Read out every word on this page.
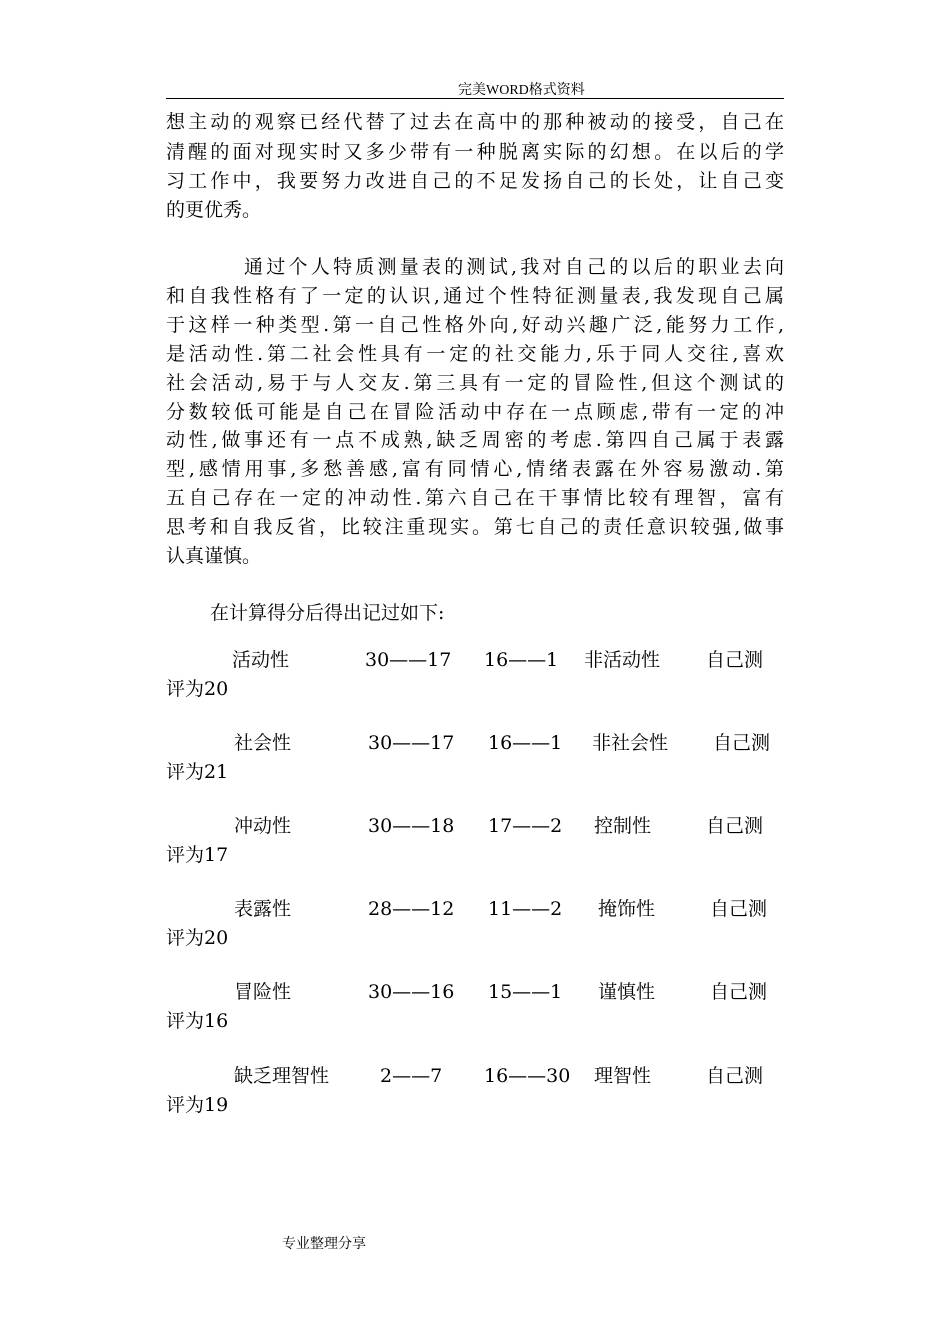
完美WORD格式资料
想主动的观察已经代替了过去在高中的那种被动的接受，自己在
清醒的面对现实时又多少带有一种脱离实际的幻想。在以后的学
习工作中，我要努力改进自己的不足发扬自己的长处，让自己变
的更优秀。
通过个人特质测量表的测试,我对自己的以后的职业去向
和自我性格有了一定的认识,通过个性特征测量表,我发现自己属
于这样一种类型.第一自己性格外向,好动兴趣广泛,能努力工作,
是活动性.第二社会性具有一定的社交能力,乐于同人交往,喜欢
社会活动,易于与人交友.第三具有一定的冒险性,但这个测试的
分数较低可能是自己在冒险活动中存在一点顾虑,带有一定的冲
动性,做事还有一点不成熟,缺乏周密的考虑.第四自己属于表露
型,感情用事,多愁善感,富有同情心,情绪表露在外容易激动.第
五自己存在一定的冲动性.第六自己在干事情比较有理智，富有
思考和自我反省，比较注重现实。第七自己的责任意识较强,做事
认真谨慎。
在计算得分后得出记过如下:
活动性	30——17 16——1 非活动性 自己测
评为20
社会性	30——17 16——1 非社会性 自己测
评为21
冲动性	30——18 17——2 控制性	自己测
评为17
表露性	28——12 11——2 掩饰性	自己测
评为20
冒险性	30——16 15——1 谨慎性	自己测
评为16
缺乏理智性	2——7 16——30 理智性	自己测
评为19
专业整理分享
